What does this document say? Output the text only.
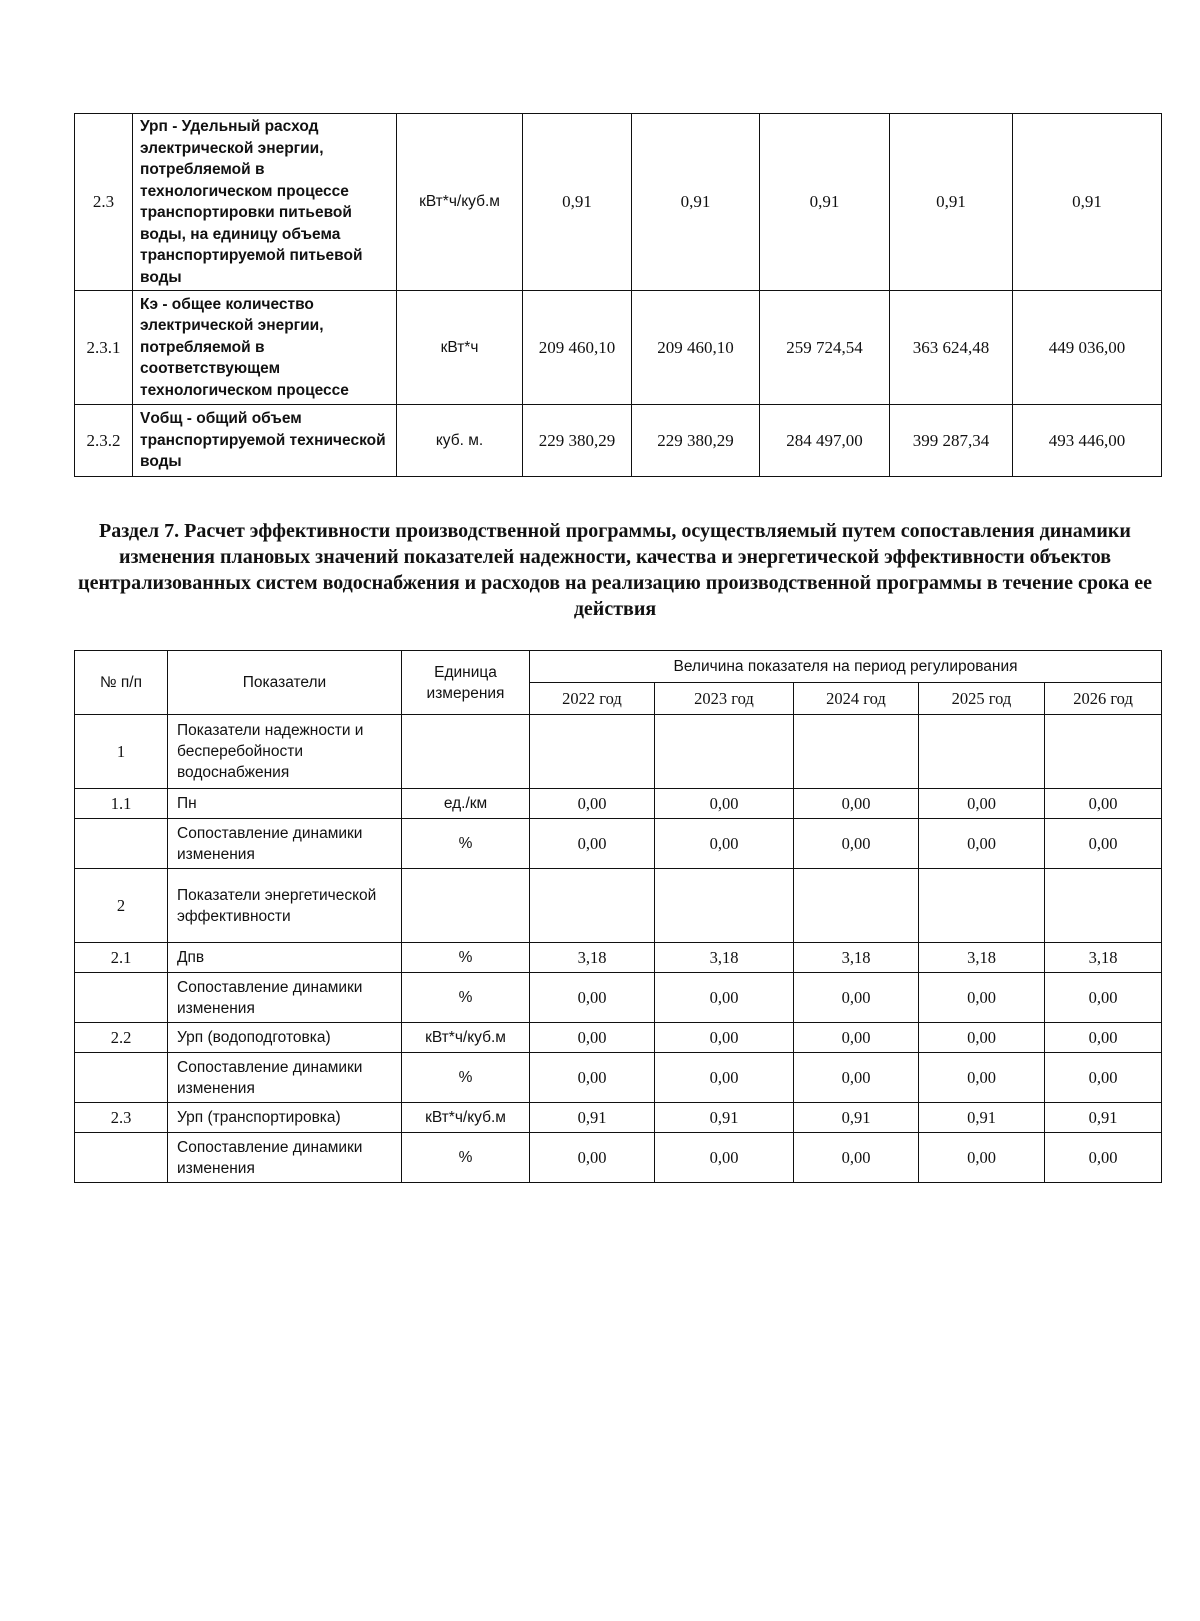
2.3	Урп - Удельный расход электрической энергии, потребляемой в технологическом процессе транспортировки питьевой воды, на единицу объема транспортируемой питьевой воды	кВт*ч/куб.м	0,91	0,91	0,91	0,91	0,91
2.3.1	Кэ - общее количество электрической энергии, потребляемой в соответствующем технологическом процессе	кВт*ч	209 460,10	209 460,10	259 724,54	363 624,48	449 036,00
2.3.2	Vобщ - общий объем транспортируемой технической воды	куб. м.	229 380,29	229 380,29	284 497,00	399 287,34	493 446,00
Раздел 7. Расчет эффективности производственной программы, осуществляемый путем сопоставления динамики изменения плановых значений показателей надежности, качества и энергетической эффективности объектов централизованных систем водоснабжения и расходов на реализацию производственной программы в течение срока ее действия
№ п/п	Показатели	Единица измерения	Величина показателя на период регулирования				
			2022 год	2023 год	2024 год	2025 год	2026 год
1	Показатели надежности и бесперебойности водоснабжения						
1.1	Пн	ед./км	0,00	0,00	0,00	0,00	0,00
	Сопоставление динамики изменения	%	0,00	0,00	0,00	0,00	0,00
2	Показатели энергетической эффективности						
2.1	Дпв	%	3,18	3,18	3,18	3,18	3,18
	Сопоставление динамики изменения	%	0,00	0,00	0,00	0,00	0,00
2.2	Урп (водоподготовка)	кВт*ч/куб.м	0,00	0,00	0,00	0,00	0,00
	Сопоставление динамики изменения	%	0,00	0,00	0,00	0,00	0,00
2.3	Урп (транспортировка)	кВт*ч/куб.м	0,91	0,91	0,91	0,91	0,91
	Сопоставление динамики изменения	%	0,00	0,00	0,00	0,00	0,00
